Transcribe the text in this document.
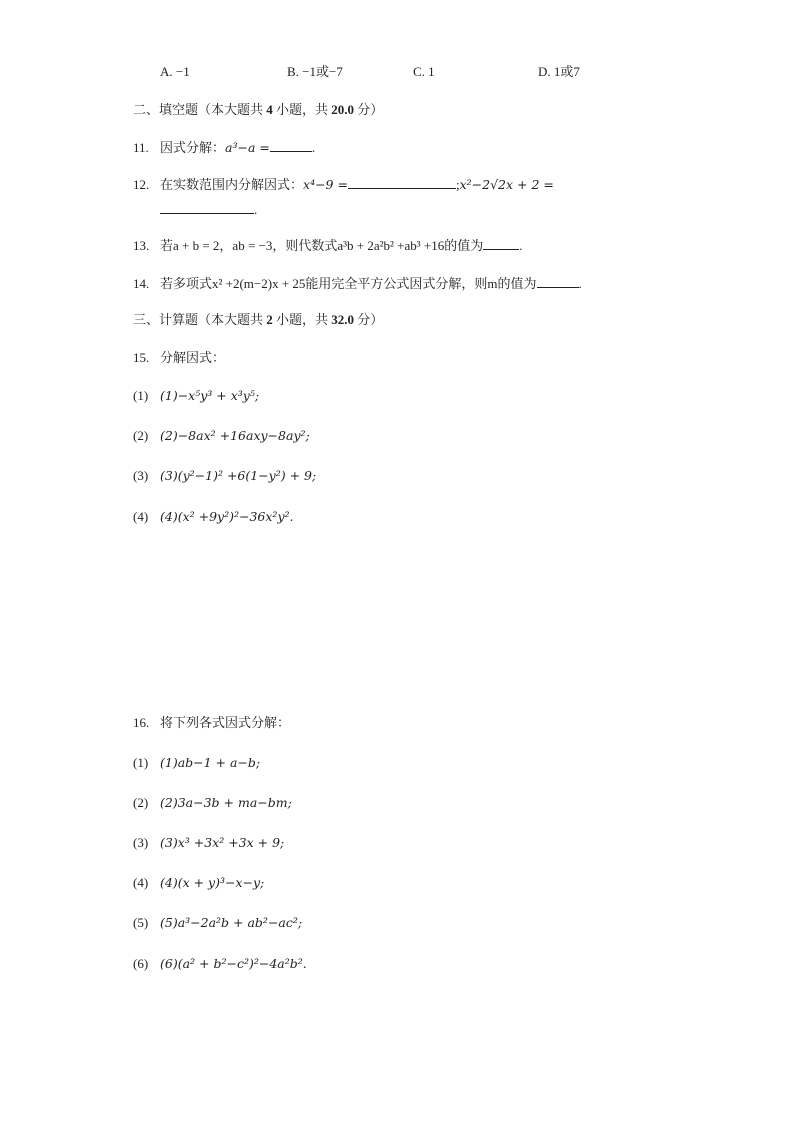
A. −1	B. −1或−7	C. 1	D. 1或7
二、填空题（本大题共 4 小题，共 20.0 分）
11. 因式分解：a³−a =	.
12. 在实数范围内分解因式：x⁴−9 =	;x²−2√2x + 2 =
.
13. 若a + b = 2，ab = −3，则代数式a³b + 2a²b² +ab³ +16的值为	.
14. 若多项式x² +2(m−2)x + 25能用完全平方公式因式分解，则m的值为	.
三、计算题（本大题共 2 小题，共 32.0 分）
15. 分解因式：
(1) (1)−x⁵y³ + x³y⁵;
(2) (2)−8ax² +16axy−8ay²;
(3) (3)(y²−1)² +6(1−y²) + 9;
(4) (4)(x² +9y²)²−36x²y².
16. 将下列各式因式分解：
(1) (1)ab−1 + a−b;
(2) (2)3a−3b + ma−bm;
(3) (3)x³ +3x² +3x + 9;
(4) (4)(x + y)³−x−y;
(5) (5)a³−2a²b + ab²−ac²;
(6) (6)(a² + b²−c²)²−4a²b².
